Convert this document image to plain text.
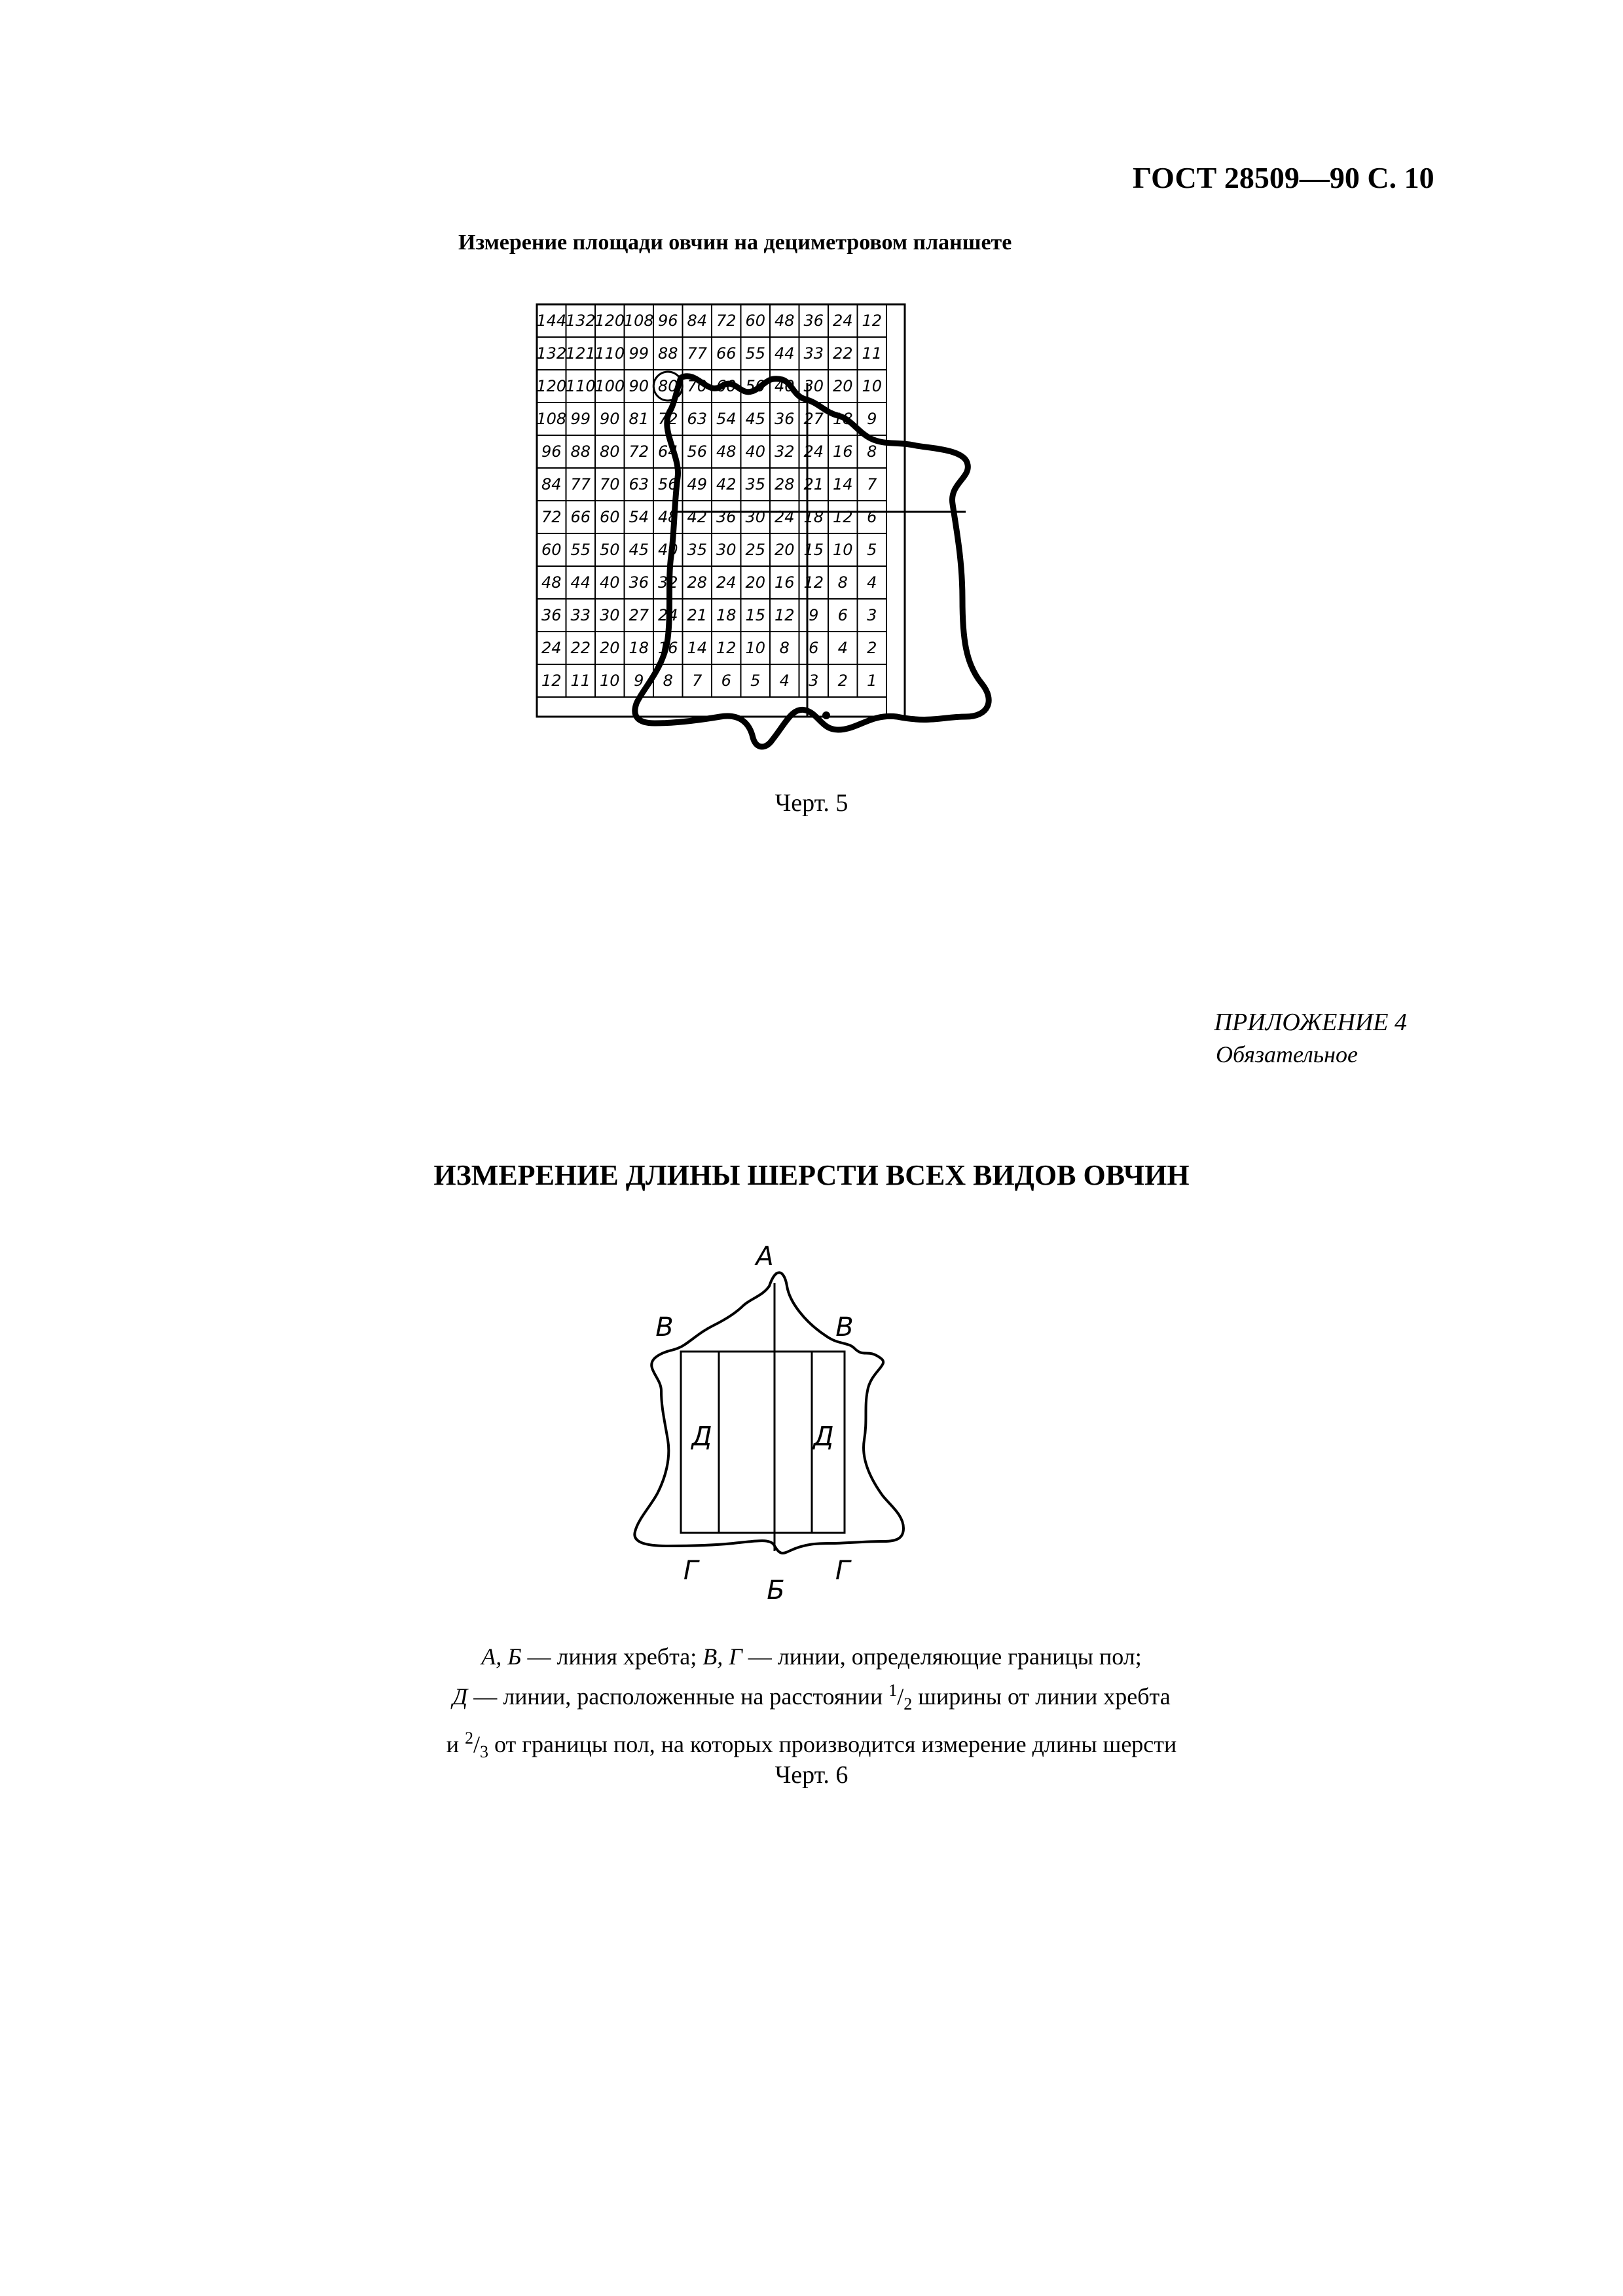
ГОСТ 28509—90 С. 10
Измерение площади овчин на дециметровом планшете
144
132
120
108 96 84 72 60 48 36 24 12
132
121
110 99 88 77 66 55 44 33 22 11
120
110
100 90 80 70 60 50 40 30 20 10
108 99 90 81 72 63 54 45 36 27 18 9
96 88 80 72 64 56 48 40 32 24 16 8
84 77 70 63 56 49 42 35 28 21 14 7
72 66 60 54 48 42 36 30 24 18 12 6
60 55 50 45 40 35 30 25 20 15 10 5
48 44 40 36 32 28 24 20 16 12 8 4
36 33 30 27 24 21 18 15 12 9 6 3
24 22 20 18 16 14 12 10 8 6 4 2
12 11 10 9 8 7 6 5 4 3 2 1
Черт. 5
ПРИЛОЖЕНИЕ 4
Обязательное
ИЗМЕРЕНИЕ ДЛИНЫ ШЕРСТИ ВСЕХ ВИДОВ ОВЧИН
А
В	В
Д	Д
Г
Б
Г
А, Б — линия хребта; В, Г — линии, определяющие границы пол;
Д — линии, расположенные на расстоянии $^1/_2$ ширины от линии хребта
и $^2/_3$ от границы пол, на которых производится измерение длины шерсти
Черт. 6
